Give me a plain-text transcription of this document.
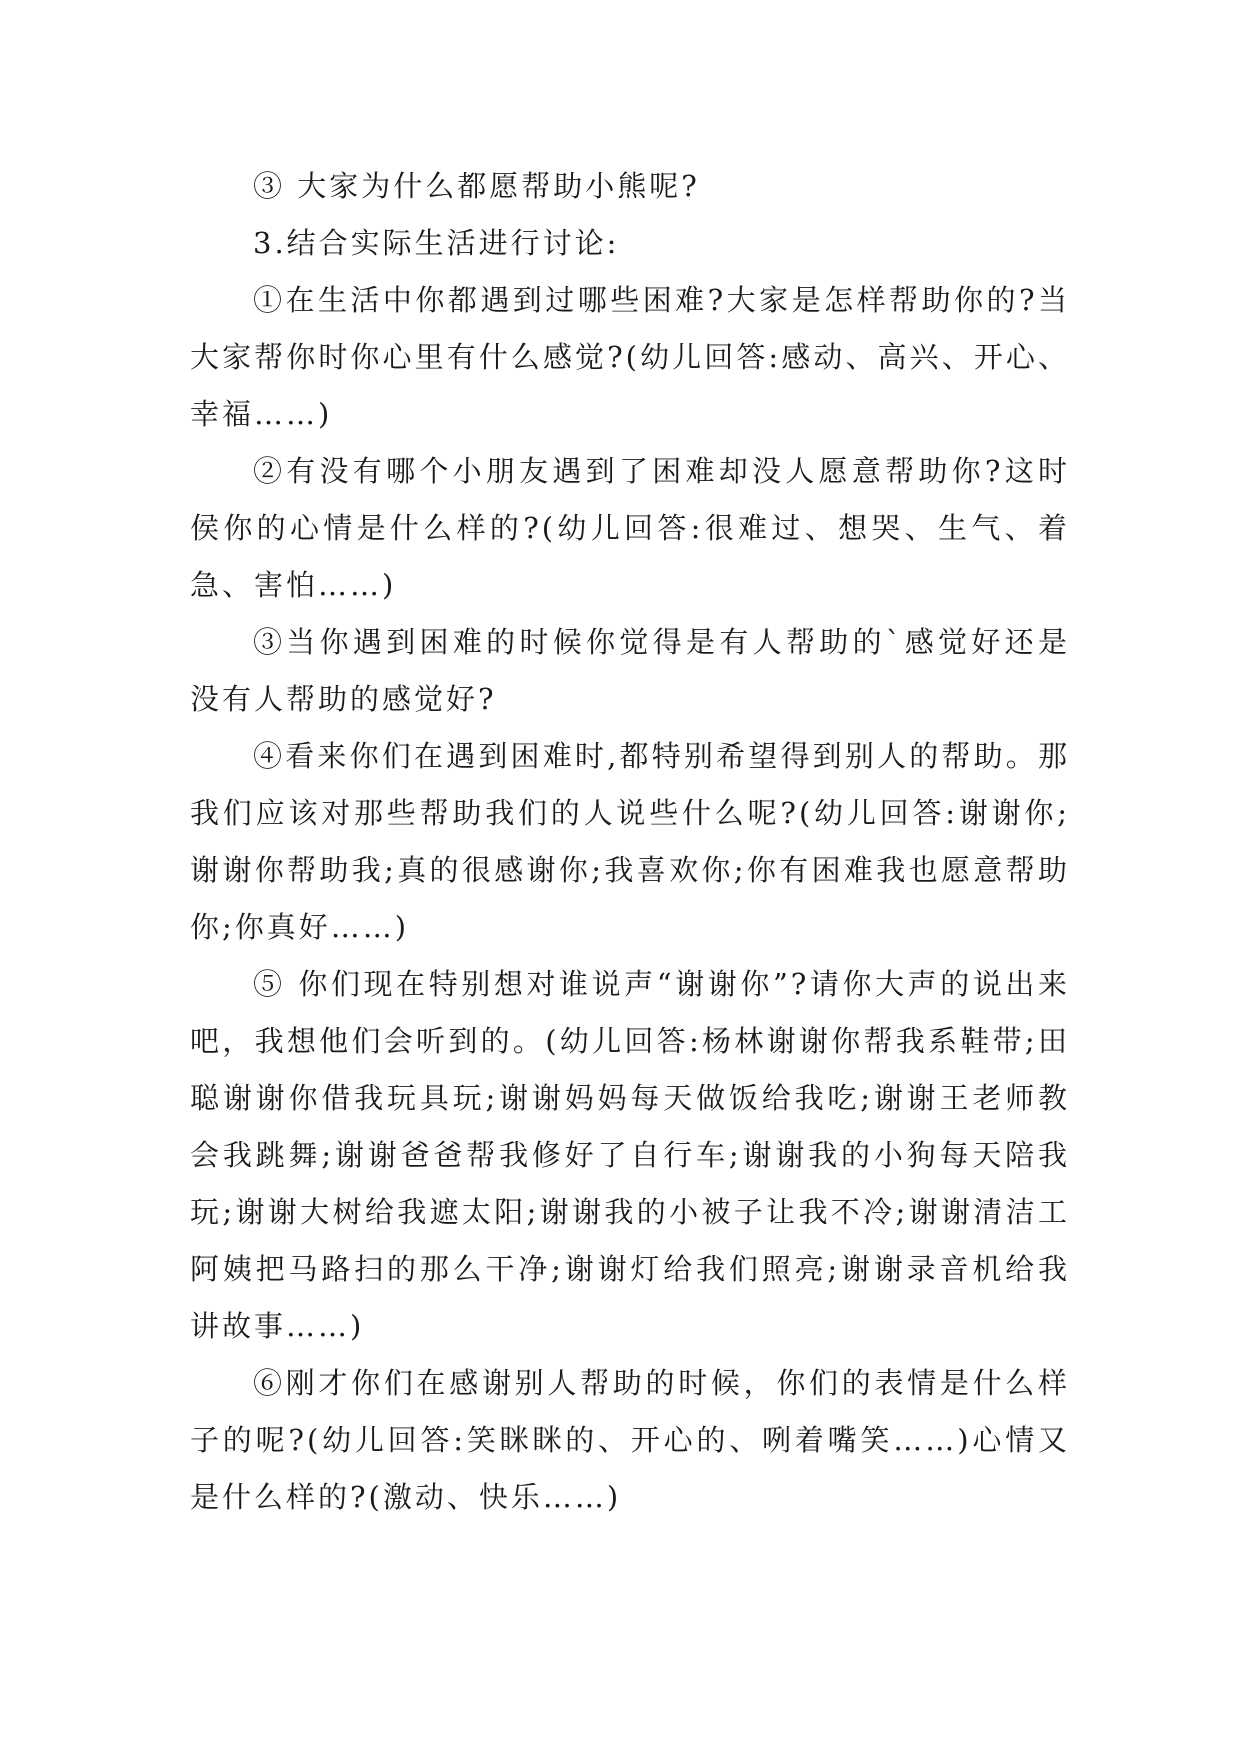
③ 大家为什么都愿帮助小熊呢?

3.结合实际生活进行讨论:

①在生活中你都遇到过哪些困难?大家是怎样帮助你的?当大家帮你时你心里有什么感觉?(幼儿回答:感动、高兴、开心、幸福……)

②有没有哪个小朋友遇到了困难却没人愿意帮助你?这时侯你的心情是什么样的?(幼儿回答:很难过、想哭、生气、着急、害怕……)

③当你遇到困难的时候你觉得是有人帮助的`感觉好还是没有人帮助的感觉好?

④看来你们在遇到困难时,都特别希望得到别人的帮助。那我们应该对那些帮助我们的人说些什么呢?(幼儿回答:谢谢你;谢谢你帮助我;真的很感谢你;我喜欢你;你有困难我也愿意帮助你;你真好……)

⑤ 你们现在特别想对谁说声“谢谢你”?请你大声的说出来吧，我想他们会听到的。(幼儿回答:杨林谢谢你帮我系鞋带;田聪谢谢你借我玩具玩;谢谢妈妈每天做饭给我吃;谢谢王老师教会我跳舞;谢谢爸爸帮我修好了自行车;谢谢我的小狗每天陪我玩;谢谢大树给我遮太阳;谢谢我的小被子让我不冷;谢谢清洁工阿姨把马路扫的那么干净;谢谢灯给我们照亮;谢谢录音机给我讲故事……)

⑥刚才你们在感谢别人帮助的时候，你们的表情是什么样子的呢?(幼儿回答:笑眯眯的、开心的、咧着嘴笑……)心情又是什么样的?(激动、快乐……)
